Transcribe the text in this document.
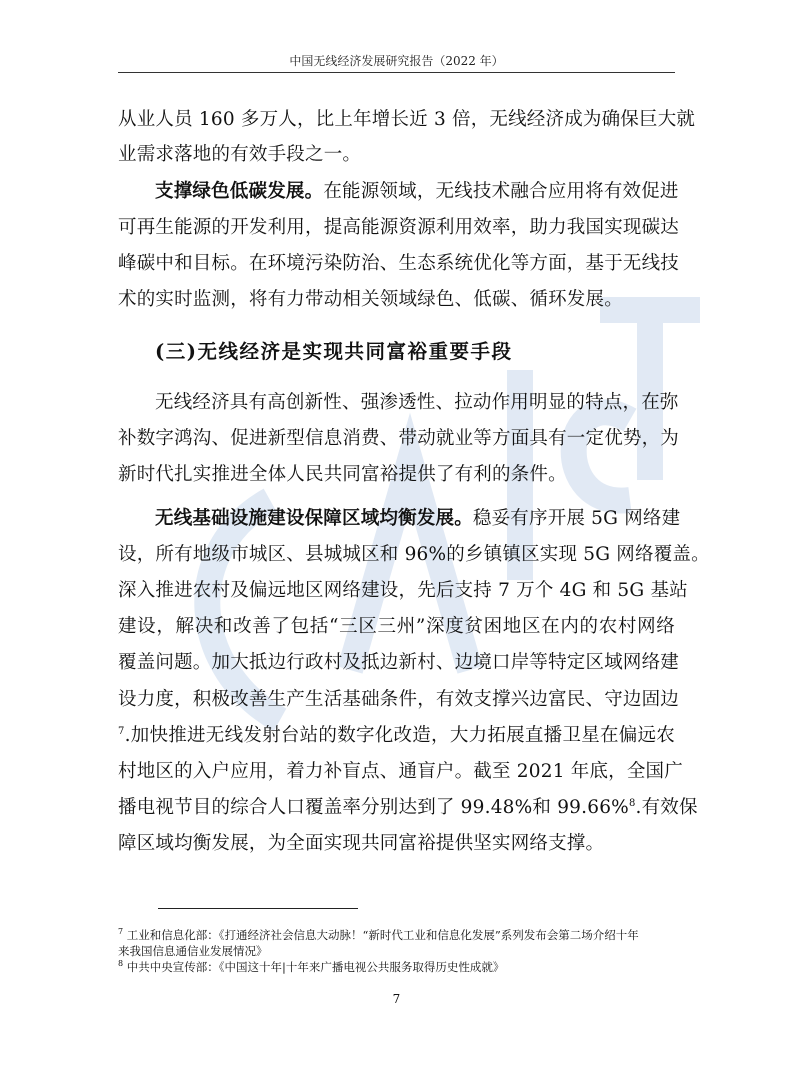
中国无线经济发展研究报告（2022 年）
从业人员 160 多万人，比上年增长近 3 倍，无线经济成为确保巨大就
业需求落地的有效手段之一。
支撑绿色低碳发展。在能源领域，无线技术融合应用将有效促进
可再生能源的开发利用，提高能源资源利用效率，助力我国实现碳达
峰碳中和目标。在环境污染防治、生态系统优化等方面，基于无线技
术的实时监测，将有力带动相关领域绿色、低碳、循环发展。
(三)无线经济是实现共同富裕重要手段
无线经济具有高创新性、强渗透性、拉动作用明显的特点，在弥
补数字鸿沟、促进新型信息消费、带动就业等方面具有一定优势，为
新时代扎实推进全体人民共同富裕提供了有利的条件。
无线基础设施建设保障区域均衡发展。稳妥有序开展 5G 网络建
设，所有地级市城区、县城城区和 96%的乡镇镇区实现 5G 网络覆盖。
深入推进农村及偏远地区网络建设，先后支持 7 万个 4G 和 5G 基站
建设，解决和改善了包括“三区三州”深度贫困地区在内的农村网络
覆盖问题。加大抵边行政村及抵边新村、边境口岸等特定区域网络建
设力度，积极改善生产生活基础条件，有效支撑兴边富民、守边固边
$^7$.加快推进无线发射台站的数字化改造，大力拓展直播卫星在偏远农
村地区的入户应用，着力补盲点、通盲户。截至 2021 年底，全国广
播电视节目的综合人口覆盖率分别达到了 99.48%和 99.66%$^8$.有效保
障区域均衡发展，为全面实现共同富裕提供坚实网络支撑。
$^7$ 工业和信息化部：《打通经济社会信息大动脉！“新时代工业和信息化发展”系列发布会第二场介绍十年
来我国信息通信业发展情况》
$^8$ 中共中央宣传部：《中国这十年|十年来广播电视公共服务取得历史性成就》
7
